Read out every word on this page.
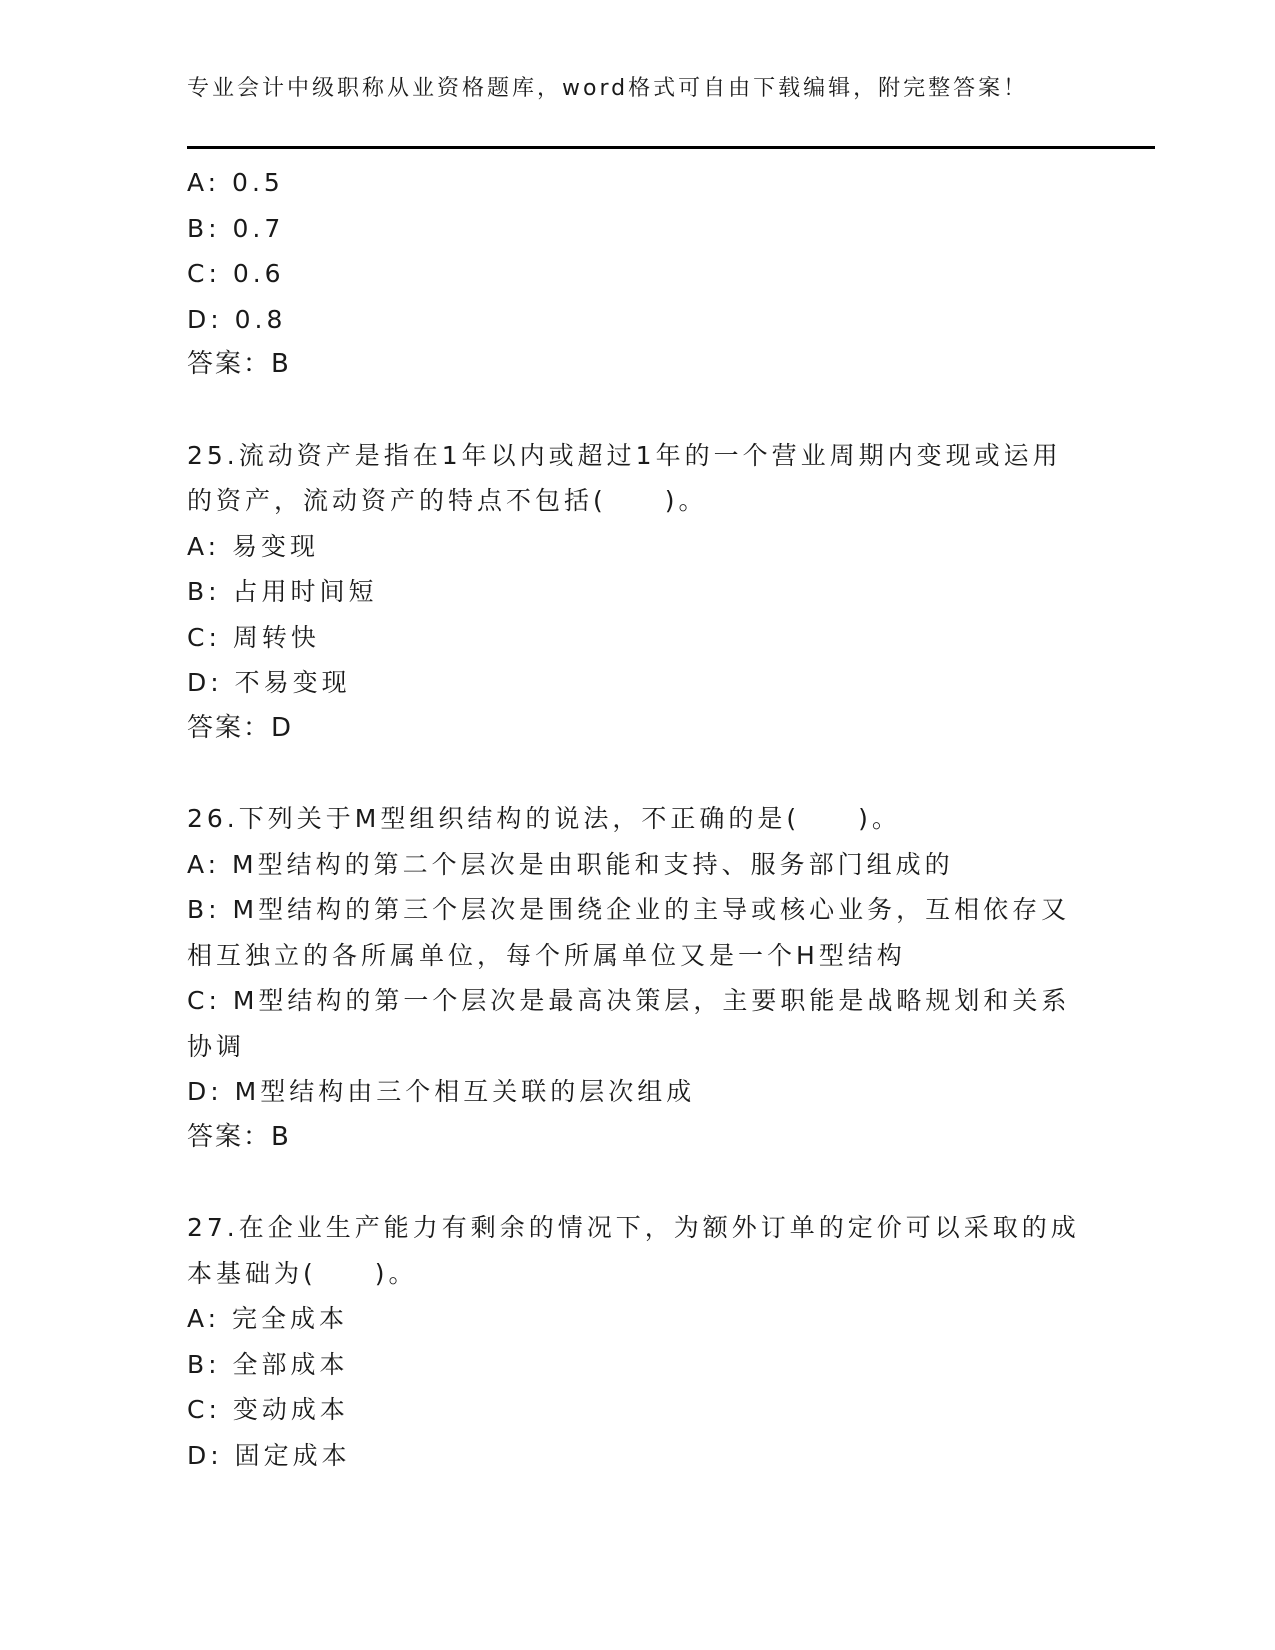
专业会计中级职称从业资格题库，word格式可自由下载编辑，附完整答案！
A: 0.5
B: 0.7
C: 0.6
D: 0.8
答案：B
25.流动资产是指在1年以内或超过1年的一个营业周期内变现或运用
的资产，流动资产的特点不包括(　　)。
A: 易变现
B: 占用时间短
C: 周转快
D: 不易变现
答案：D
26.下列关于M型组织结构的说法，不正确的是(　　)。
A: M型结构的第二个层次是由职能和支持、服务部门组成的
B: M型结构的第三个层次是围绕企业的主导或核心业务，互相依存又
相互独立的各所属单位，每个所属单位又是一个H型结构
C: M型结构的第一个层次是最高决策层，主要职能是战略规划和关系
协调
D: M型结构由三个相互关联的层次组成
答案：B
27.在企业生产能力有剩余的情况下，为额外订单的定价可以采取的成
本基础为(　　)。
A: 完全成本
B: 全部成本
C: 变动成本
D: 固定成本
